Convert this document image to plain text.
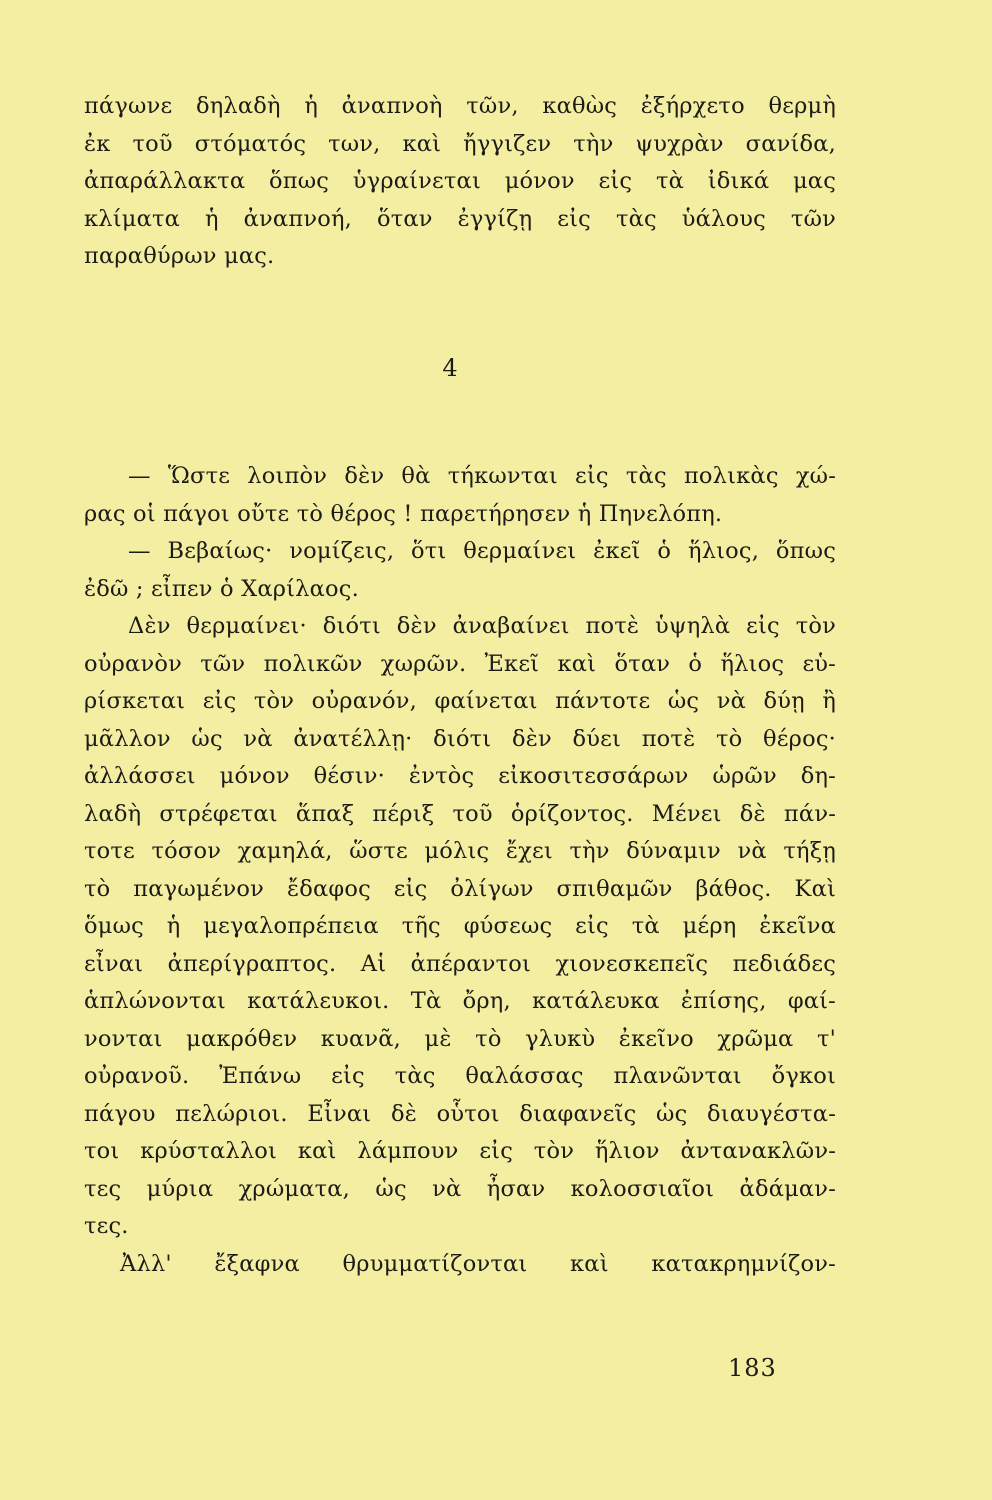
πάγωνε δηλαδὴ ἡ ἀναπνοὴ τῶν, καθὼς ἐξήρχετο θερμὴ
ἐκ τοῦ στόματός των, καὶ ἤγγιζεν τὴν ψυχρὰν σανίδα,
ἀπαράλλακτα ὅπως ὑγραίνεται μόνον εἰς τὰ ἰδικά μας
κλίματα ἡ ἀναπνοή, ὅταν ἐγγίζῃ εἰς τὰς ὑάλους τῶν
παραθύρων μας.
4
— Ὥστε λοιπὸν δὲν θὰ τήκωνται εἰς τὰς πολικὰς χώ-
ρας οἱ πάγοι οὔτε τὸ θέρος ! παρετήρησεν ἡ Πηνελόπη.
— Βεβαίως· νομίζεις, ὅτι θερμαίνει ἐκεῖ ὁ ἥλιος, ὅπως
ἐδῶ ; εἶπεν ὁ Χαρίλαος.
Δὲν θερμαίνει· διότι δὲν ἀναβαίνει ποτὲ ὑψηλὰ εἰς τὸν
οὐρανὸν τῶν πολικῶν χωρῶν. Ἐκεῖ καὶ ὅταν ὁ ἥλιος εὑ-
ρίσκεται εἰς τὸν οὐρανόν, φαίνεται πάντοτε ὡς νὰ δύῃ ἢ
μᾶλλον ὡς νὰ ἀνατέλλῃ· διότι δὲν δύει ποτὲ τὸ θέρος·
ἀλλάσσει μόνον θέσιν· ἐντὸς εἰκοσιτεσσάρων ὡρῶν δη-
λαδὴ στρέφεται ἅπαξ πέριξ τοῦ ὁρίζοντος. Μένει δὲ πάν-
τοτε τόσον χαμηλά, ὥστε μόλις ἔχει τὴν δύναμιν νὰ τήξῃ
τὸ παγωμένον ἔδαφος εἰς ὀλίγων σπιθαμῶν βάθος. Καὶ
ὅμως ἡ μεγαλοπρέπεια τῆς φύσεως εἰς τὰ μέρη ἐκεῖνα
εἶναι ἀπερίγραπτος. Αἱ ἀπέραντοι χιονεσκεπεῖς πεδιάδες
ἁπλώνονται κατάλευκοι. Τὰ ὄρη, κατάλευκα ἐπίσης, φαί-
νονται μακρόθεν κυανᾶ, μὲ τὸ γλυκὺ ἐκεῖνο χρῶμα τ'
οὐρανοῦ. Ἐπάνω εἰς τὰς θαλάσσας πλανῶνται ὄγκοι
πάγου πελώριοι. Εἶναι δὲ οὗτοι διαφανεῖς ὡς διαυγέστα-
τοι κρύσταλλοι καὶ λάμπουν εἰς τὸν ἥλιον ἀντανακλῶν-
τες μύρια χρώματα, ὡς νὰ ἦσαν κολοσσιαῖοι ἀδάμαν-
τες.
Ἀλλ' ἔξαφνα θρυμματίζονται καὶ κατακρημνίζον-
183
